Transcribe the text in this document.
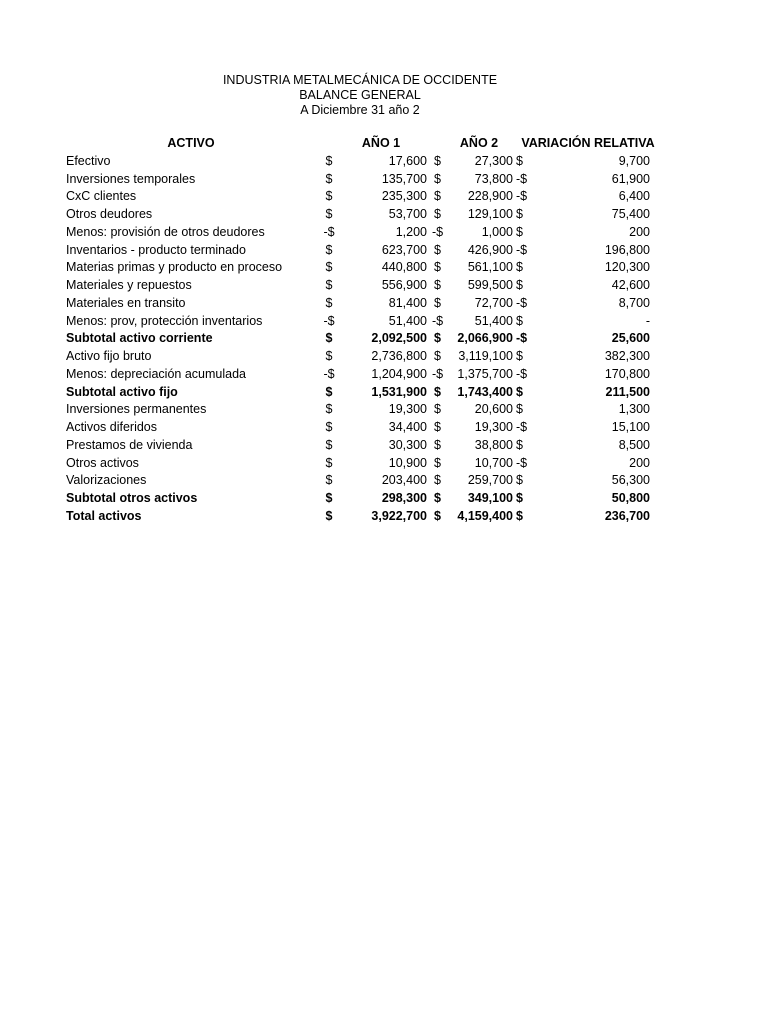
INDUSTRIA METALMECÁNICA DE OCCIDENTE
BALANCE GENERAL
A Diciembre 31 año 2
ACTIVO	AÑO 1	AÑO 2	VARIACIÓN RELATIVA
Efectivo	$	17,600 $	27,300 $	9,700
Inversiones temporales	$	135,700 $	73,800 -$	61,900
CxC clientes	$	235,300 $	228,900 -$	6,400
Otros deudores	$	53,700 $	129,100 $	75,400
Menos: provisión de otros deudores	-$	1,200 -$	1,000 $	200
Inventarios - producto terminado	$	623,700 $	426,900 -$	196,800
Materias primas y producto en proceso	$	440,800 $	561,100 $	120,300
Materiales y repuestos	$	556,900 $	599,500 $	42,600
Materiales en transito	$	81,400 $	72,700 -$	8,700
Menos: prov, protección inventarios	-$	51,400 -$	51,400 $	-
Subtotal activo corriente	$	2,092,500 $	2,066,900 -$	25,600
Activo fijo bruto	$	2,736,800 $	3,119,100 $	382,300
Menos: depreciación acumulada	-$	1,204,900 -$	1,375,700 -$	170,800
Subtotal activo fijo	$	1,531,900 $	1,743,400 $	211,500
Inversiones permanentes	$	19,300 $	20,600 $	1,300
Activos diferidos	$	34,400 $	19,300 -$	15,100
Prestamos de vivienda	$	30,300 $	38,800 $	8,500
Otros activos	$	10,900 $	10,700 -$	200
Valorizaciones	$	203,400 $	259,700 $	56,300
Subtotal otros activos	$	298,300 $	349,100 $	50,800
Total activos	$	3,922,700 $	4,159,400 $	236,700
